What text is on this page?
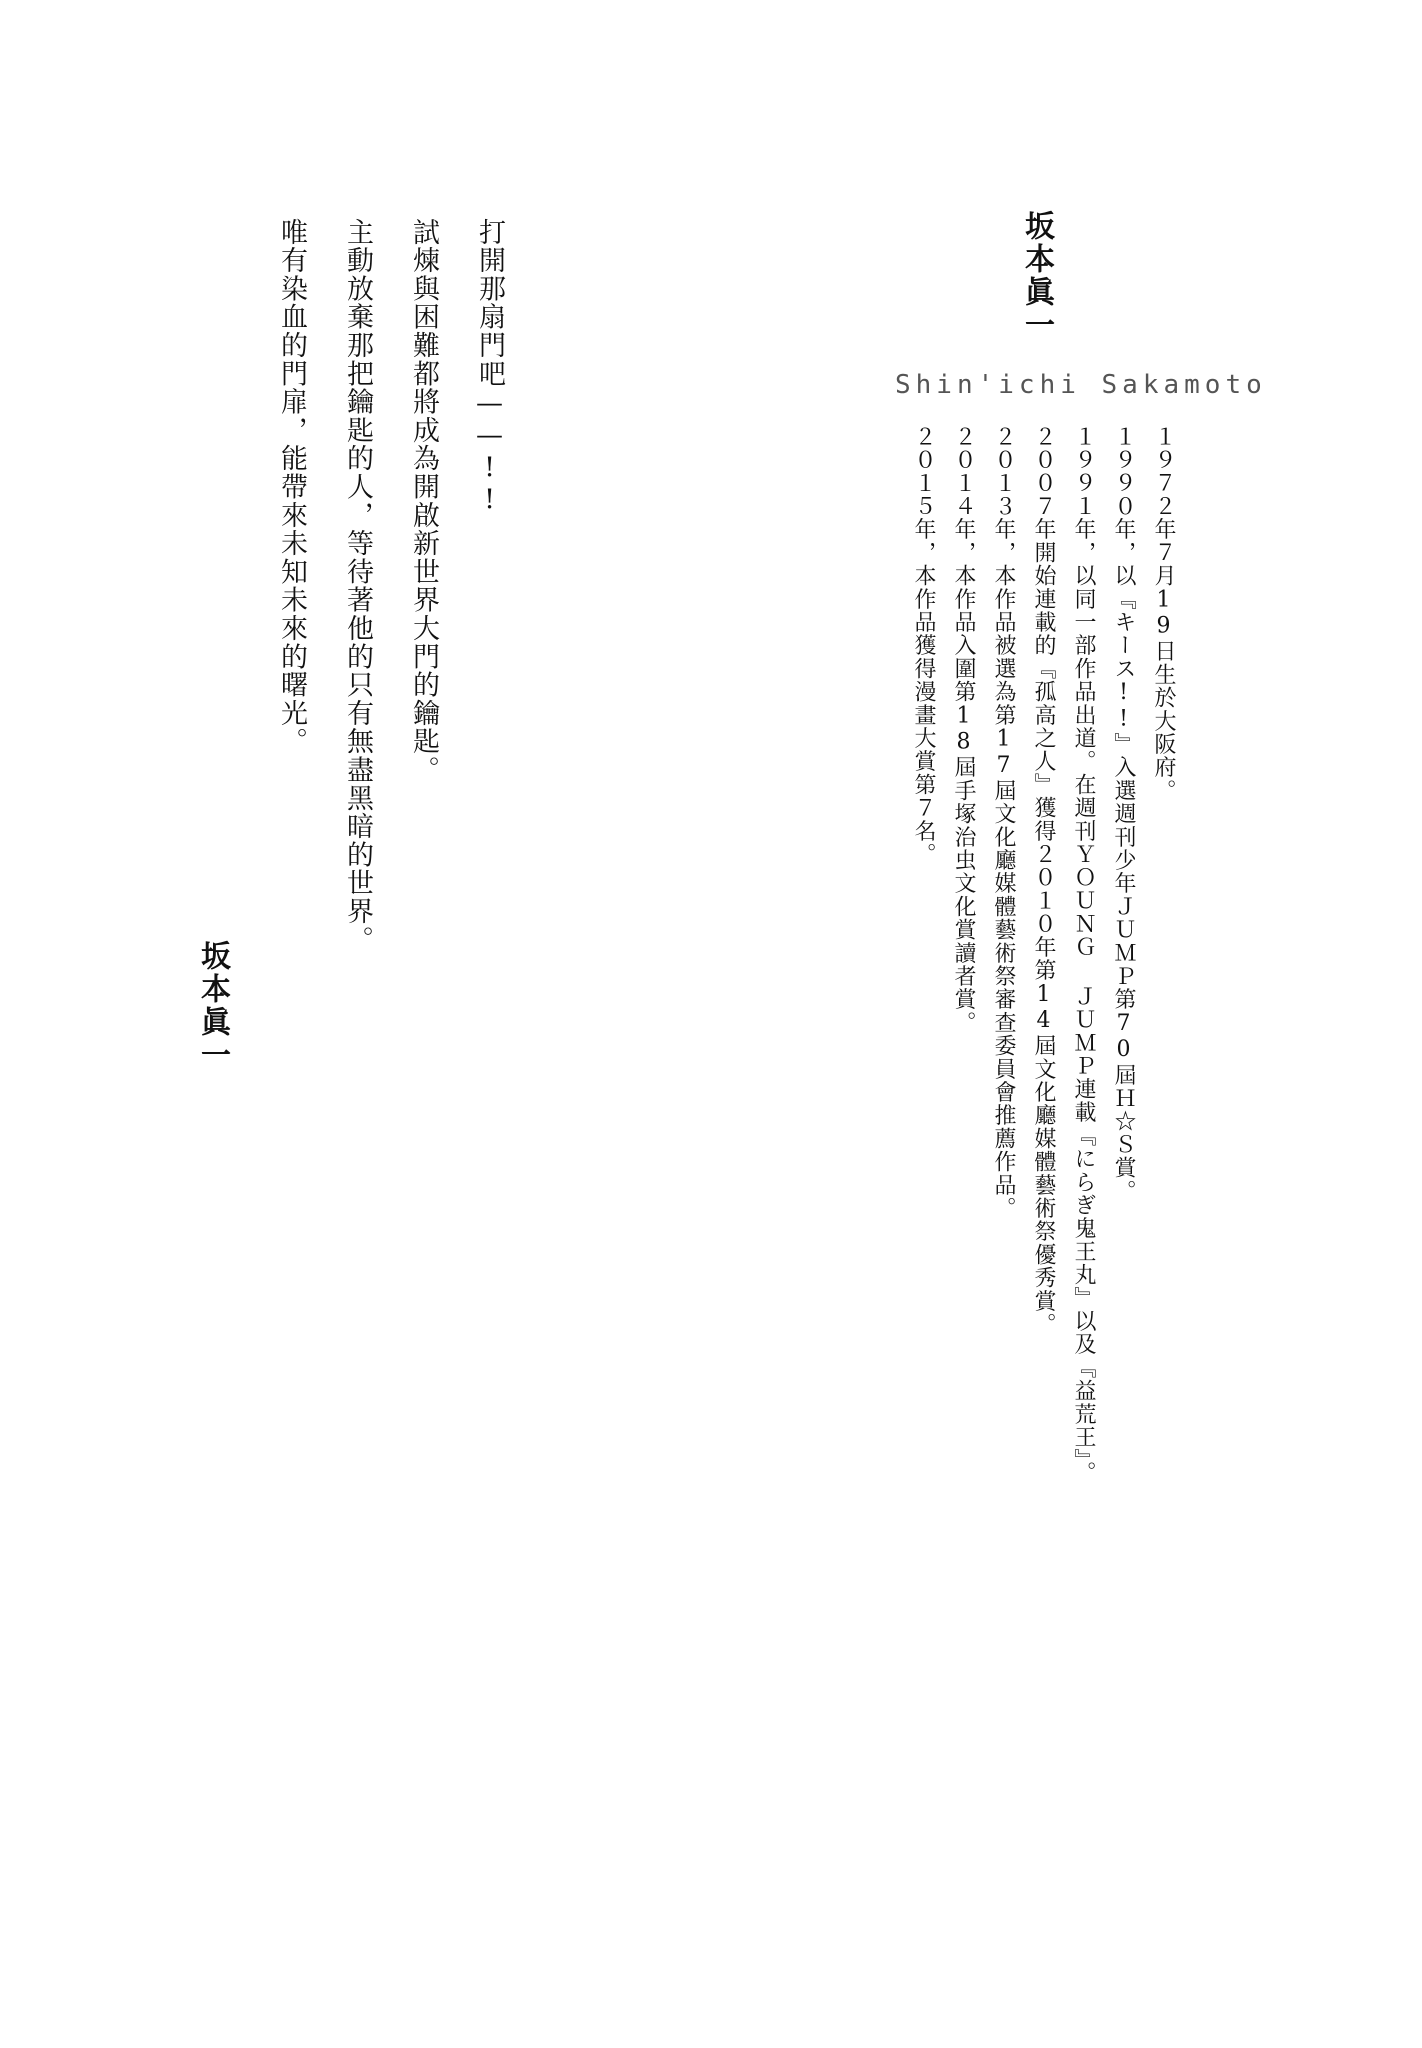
坂本眞一
Shin'ichi Sakamoto

１９７２年７月19日生於大阪府。

１９９０年，以『キース!!』入選週刊少年ＪＵＭＰ第70屆Ｈ☆Ｓ賞。

１９９１年，以同一部作品出道。在週刊ＹＯＵＮＧ ＪＵＭＰ連載『にらぎ鬼王丸』以及『益荒王』。

２００７年開始連載的『孤高之人』獲得２０１０年第14屆文化廳媒體藝術祭優秀賞。

２０１３年，本作品被選為第17屆文化廳媒體藝術祭審查委員會推薦作品。

２０１４年，本作品入圍第18屆手塚治虫文化賞讀者賞。

２０１５年，本作品獲得漫畫大賞第７名。

打開那扇門吧——!!

試煉與困難都將成為開啟新世界大門的鑰匙。

主動放棄那把鑰匙的人，等待著他的只有無盡黑暗的世界。

唯有染血的門扉，能帶來未知未來的曙光。

坂本眞一
